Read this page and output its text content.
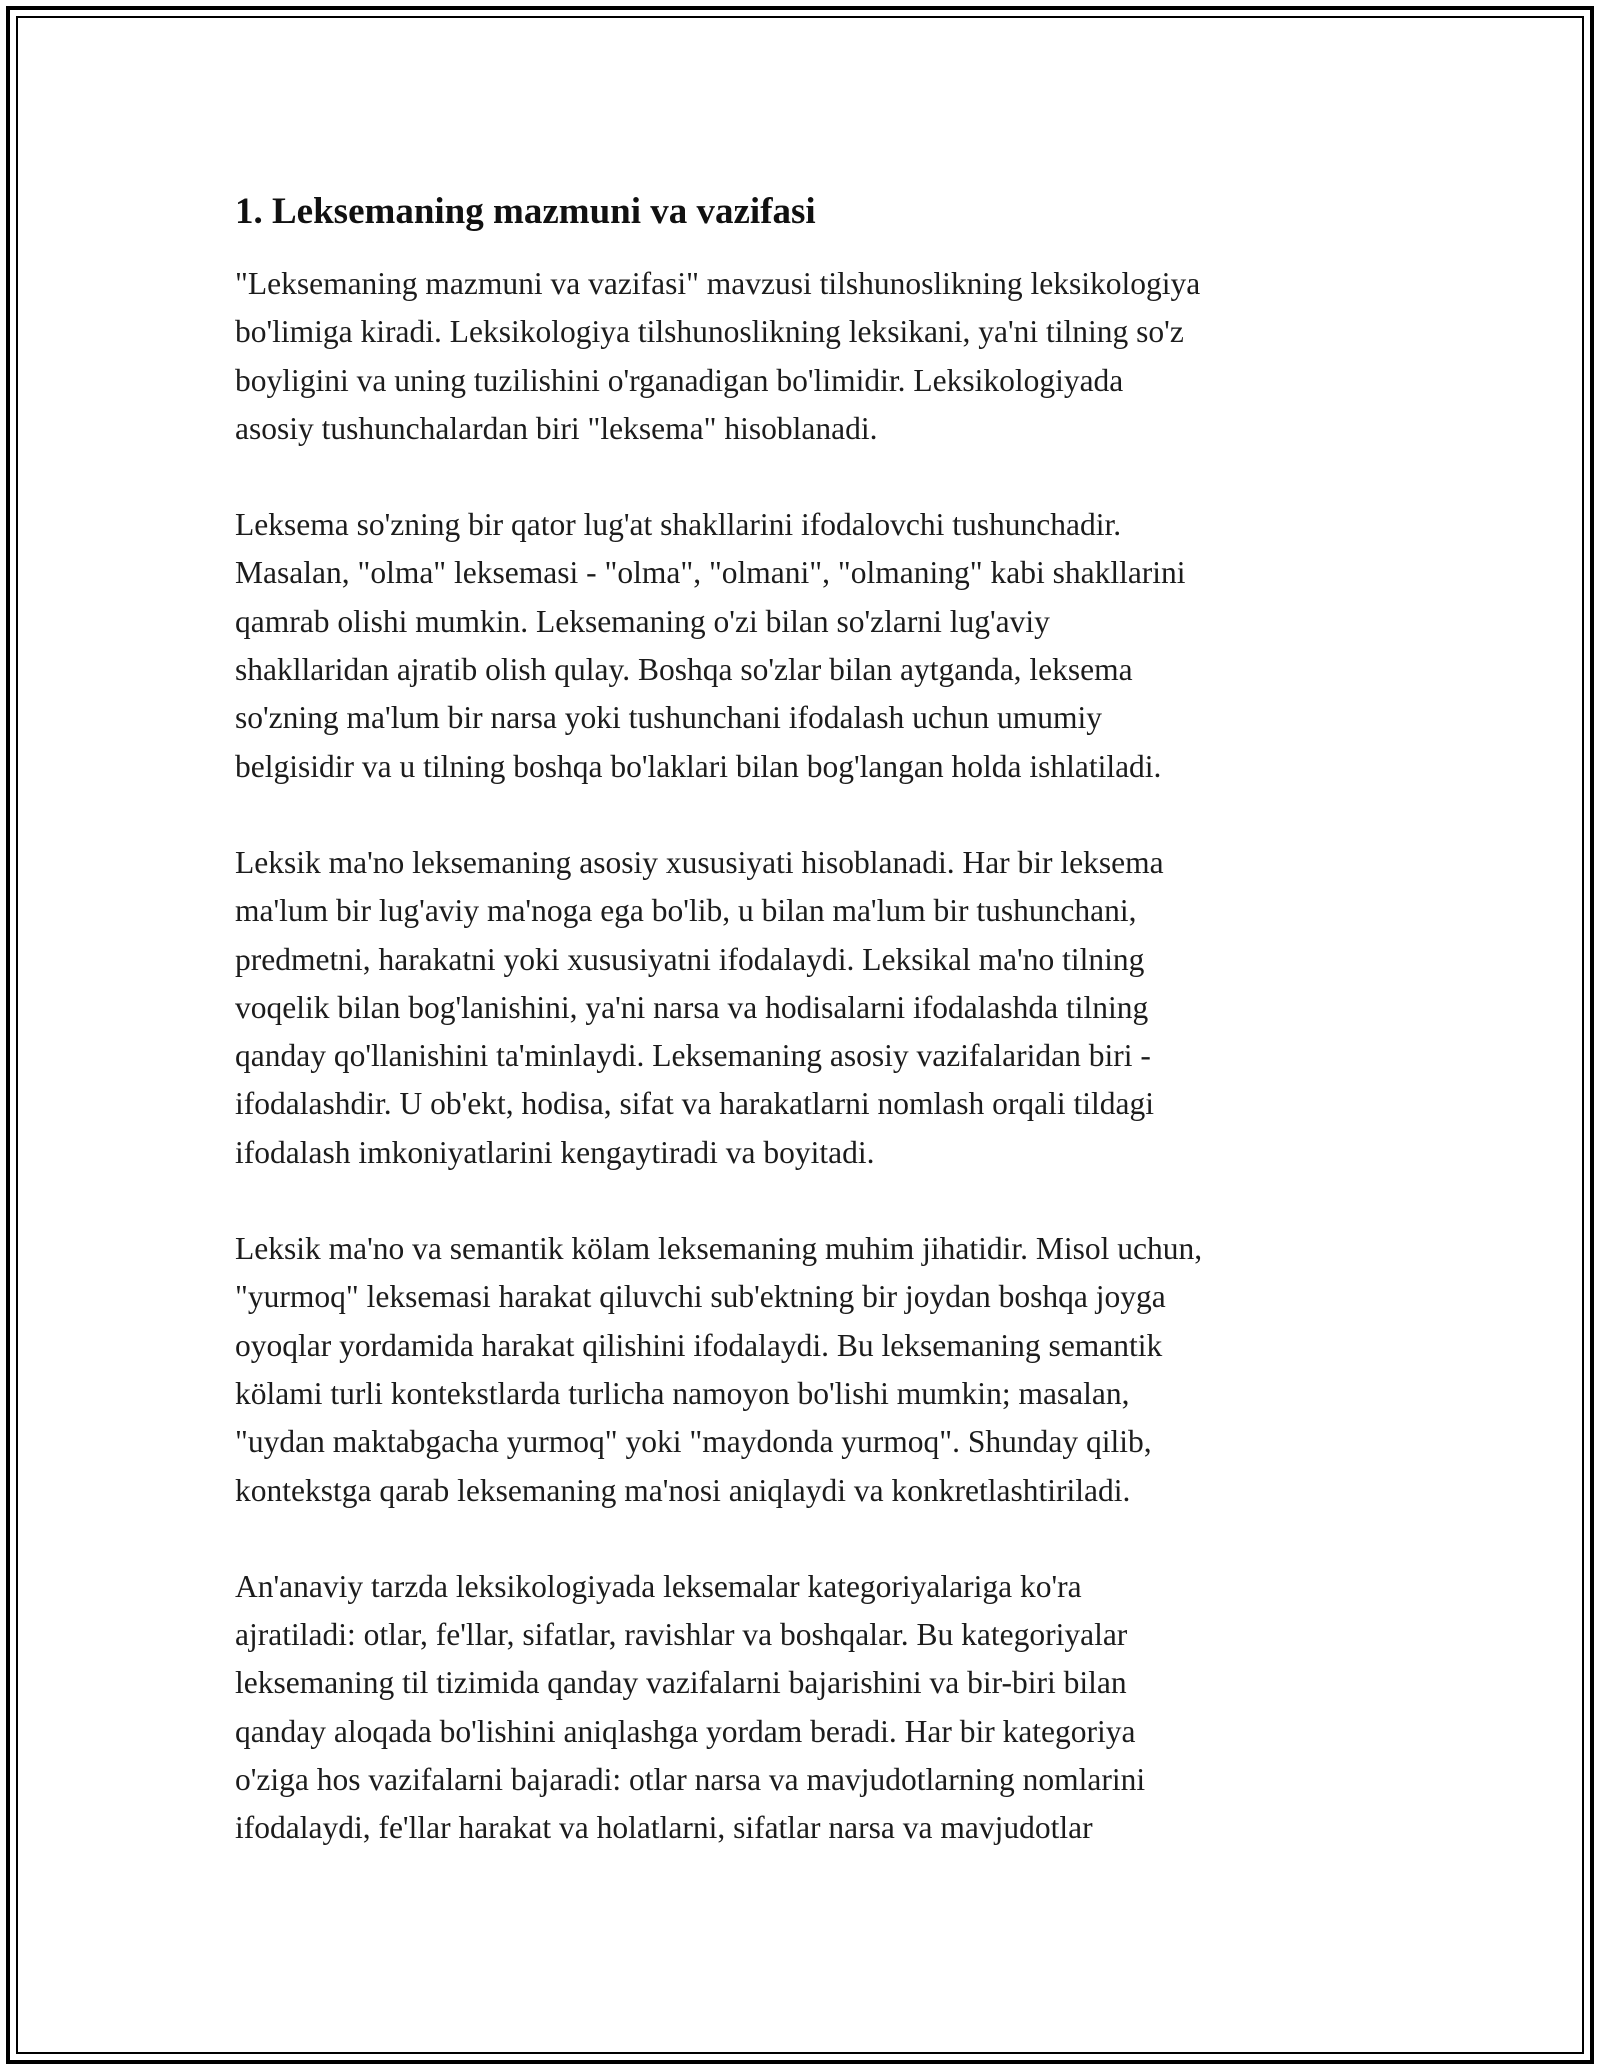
1. Leksemaning mazmuni va vazifasi

"Leksemaning mazmuni va vazifasi" mavzusi tilshunoslikning leksikologiya
bo'limiga kiradi. Leksikologiya tilshunoslikning leksikani, ya'ni tilning so'z
boyligini va uning tuzilishini o'rganadigan bo'limidir. Leksikologiyada
asosiy tushunchalardan biri "leksema" hisoblanadi.

Leksema so'zning bir qator lug'at shakllarini ifodalovchi tushunchadir.
Masalan, "olma" leksemasi - "olma", "olmani", "olmaning" kabi shakllarini
qamrab olishi mumkin. Leksemaning o'zi bilan so'zlarni lug'aviy
shakllaridan ajratib olish qulay. Boshqa so'zlar bilan aytganda, leksema
so'zning ma'lum bir narsa yoki tushunchani ifodalash uchun umumiy
belgisidir va u tilning boshqa bo'laklari bilan bog'langan holda ishlatiladi.

Leksik ma'no leksemaning asosiy xususiyati hisoblanadi. Har bir leksema
ma'lum bir lug'aviy ma'noga ega bo'lib, u bilan ma'lum bir tushunchani,
predmetni, harakatni yoki xususiyatni ifodalaydi. Leksikal ma'no tilning
voqelik bilan bog'lanishini, ya'ni narsa va hodisalarni ifodalashda tilning
qanday qo'llanishini ta'minlaydi. Leksemaning asosiy vazifalaridan biri -
ifodalashdir. U ob'ekt, hodisa, sifat va harakatlarni nomlash orqali tildagi
ifodalash imkoniyatlarini kengaytiradi va boyitadi.

Leksik ma'no va semantik kölam leksemaning muhim jihatidir. Misol uchun,
"yurmoq" leksemasi harakat qiluvchi sub'ektning bir joydan boshqa joyga
oyoqlar yordamida harakat qilishini ifodalaydi. Bu leksemaning semantik
kölami turli kontekstlarda turlicha namoyon bo'lishi mumkin; masalan,
"uydan maktabgacha yurmoq" yoki "maydonda yurmoq". Shunday qilib,
kontekstga qarab leksemaning ma'nosi aniqlaydi va konkretlashtiriladi.

An'anaviy tarzda leksikologiyada leksemalar kategoriyalariga ko'ra
ajratiladi: otlar, fe'llar, sifatlar, ravishlar va boshqalar. Bu kategoriyalar
leksemaning til tizimida qanday vazifalarni bajarishini va bir-biri bilan
qanday aloqada bo'lishini aniqlashga yordam beradi. Har bir kategoriya
o'ziga hos vazifalarni bajaradi: otlar narsa va mavjudotlarning nomlarini
ifodalaydi, fe'llar harakat va holatlarni, sifatlar narsa va mavjudotlar
